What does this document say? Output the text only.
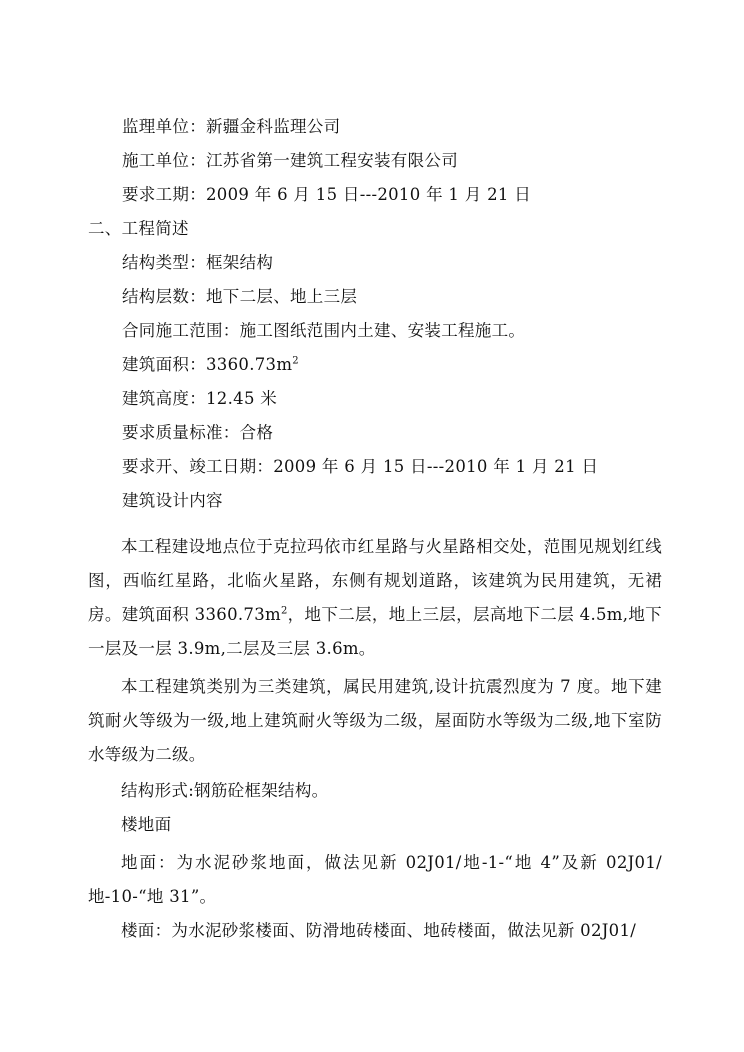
监理单位：新疆金科监理公司
施工单位：江苏省第一建筑工程安装有限公司
要求工期：2009 年 6 月 15 日---2010 年 1 月 21 日
二、工程简述
结构类型：框架结构
结构层数：地下二层、地上三层
合同施工范围：施工图纸范围内土建、安装工程施工。
建筑面积：$3360.73m^2$
建筑高度：12.45 米
要求质量标准：合格
要求开、竣工日期：2009 年 6 月 15 日---2010 年 1 月 21 日
建筑设计内容
本工程建设地点位于克拉玛依市红星路与火星路相交处，范围见规划红线图，西临红星路，北临火星路，东侧有规划道路，该建筑为民用建筑，无裙房。建筑面积 $3360.73m^2$，地下二层，地上三层，层高地下二层 4.5m,地下一层及一层 3.9m,二层及三层 3.6m。
本工程建筑类别为三类建筑，属民用建筑,设计抗震烈度为 7 度。地下建筑耐火等级为一级,地上建筑耐火等级为二级，屋面防水等级为二级,地下室防水等级为二级。
结构形式:钢筋砼框架结构。
楼地面
地面：为水泥砂浆地面，做法见新 02J01/地-1-“地 4”及新 02J01/地-10-“地 31”。
楼面：为水泥砂浆楼面、防滑地砖楼面、地砖楼面，做法见新 02J01/
